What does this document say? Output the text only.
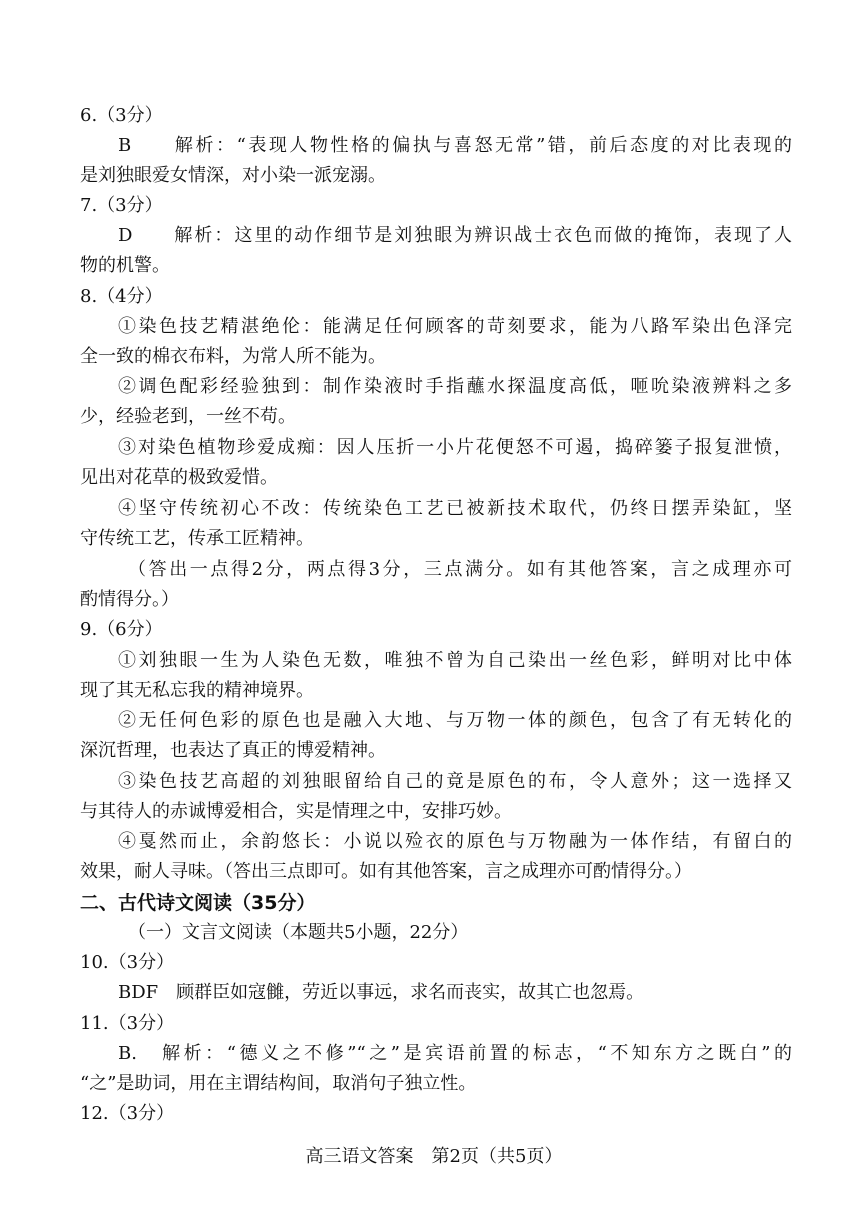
6.（3分）
B　　解析：“表现人物性格的偏执与喜怒无常”错，前后态度的对比表现的
是刘独眼爱女情深，对小染一派宠溺。
7.（3分）
D　　解析：这里的动作细节是刘独眼为辨识战士衣色而做的掩饰，表现了人
物的机警。
8.（4分）
①染色技艺精湛绝伦：能满足任何顾客的苛刻要求，能为八路军染出色泽完
全一致的棉衣布料，为常人所不能为。
②调色配彩经验独到：制作染液时手指蘸水探温度高低，咂吮染液辨料之多
少，经验老到，一丝不苟。
③对染色植物珍爱成痴：因人压折一小片花便怒不可遏，捣碎篓子报复泄愤，
见出对花草的极致爱惜。
④坚守传统初心不改：传统染色工艺已被新技术取代，仍终日摆弄染缸，坚
守传统工艺，传承工匠精神。
（答出一点得2分，两点得3分，三点满分。如有其他答案，言之成理亦可
酌情得分。）
9.（6分）
①刘独眼一生为人染色无数，唯独不曾为自己染出一丝色彩，鲜明对比中体
现了其无私忘我的精神境界。
②无任何色彩的原色也是融入大地、与万物一体的颜色，包含了有无转化的
深沉哲理，也表达了真正的博爱精神。
③染色技艺高超的刘独眼留给自己的竟是原色的布，令人意外；这一选择又
与其待人的赤诚博爱相合，实是情理之中，安排巧妙。
④戛然而止，余韵悠长：小说以殓衣的原色与万物融为一体作结，有留白的
效果，耐人寻味。（答出三点即可。如有其他答案，言之成理亦可酌情得分。）
二、古代诗文阅读（35分）
（一）文言文阅读（本题共5小题，22分）
10.（3分）
BDF　顾群臣如寇雠，劳近以事远，求名而丧实，故其亡也忽焉。
11.（3分）
B.　解析：“德义之不修”“之”是宾语前置的标志，“不知东方之既白”的
“之”是助词，用在主谓结构间，取消句子独立性。
12.（3分）
高三语文答案　第2页（共5页）
